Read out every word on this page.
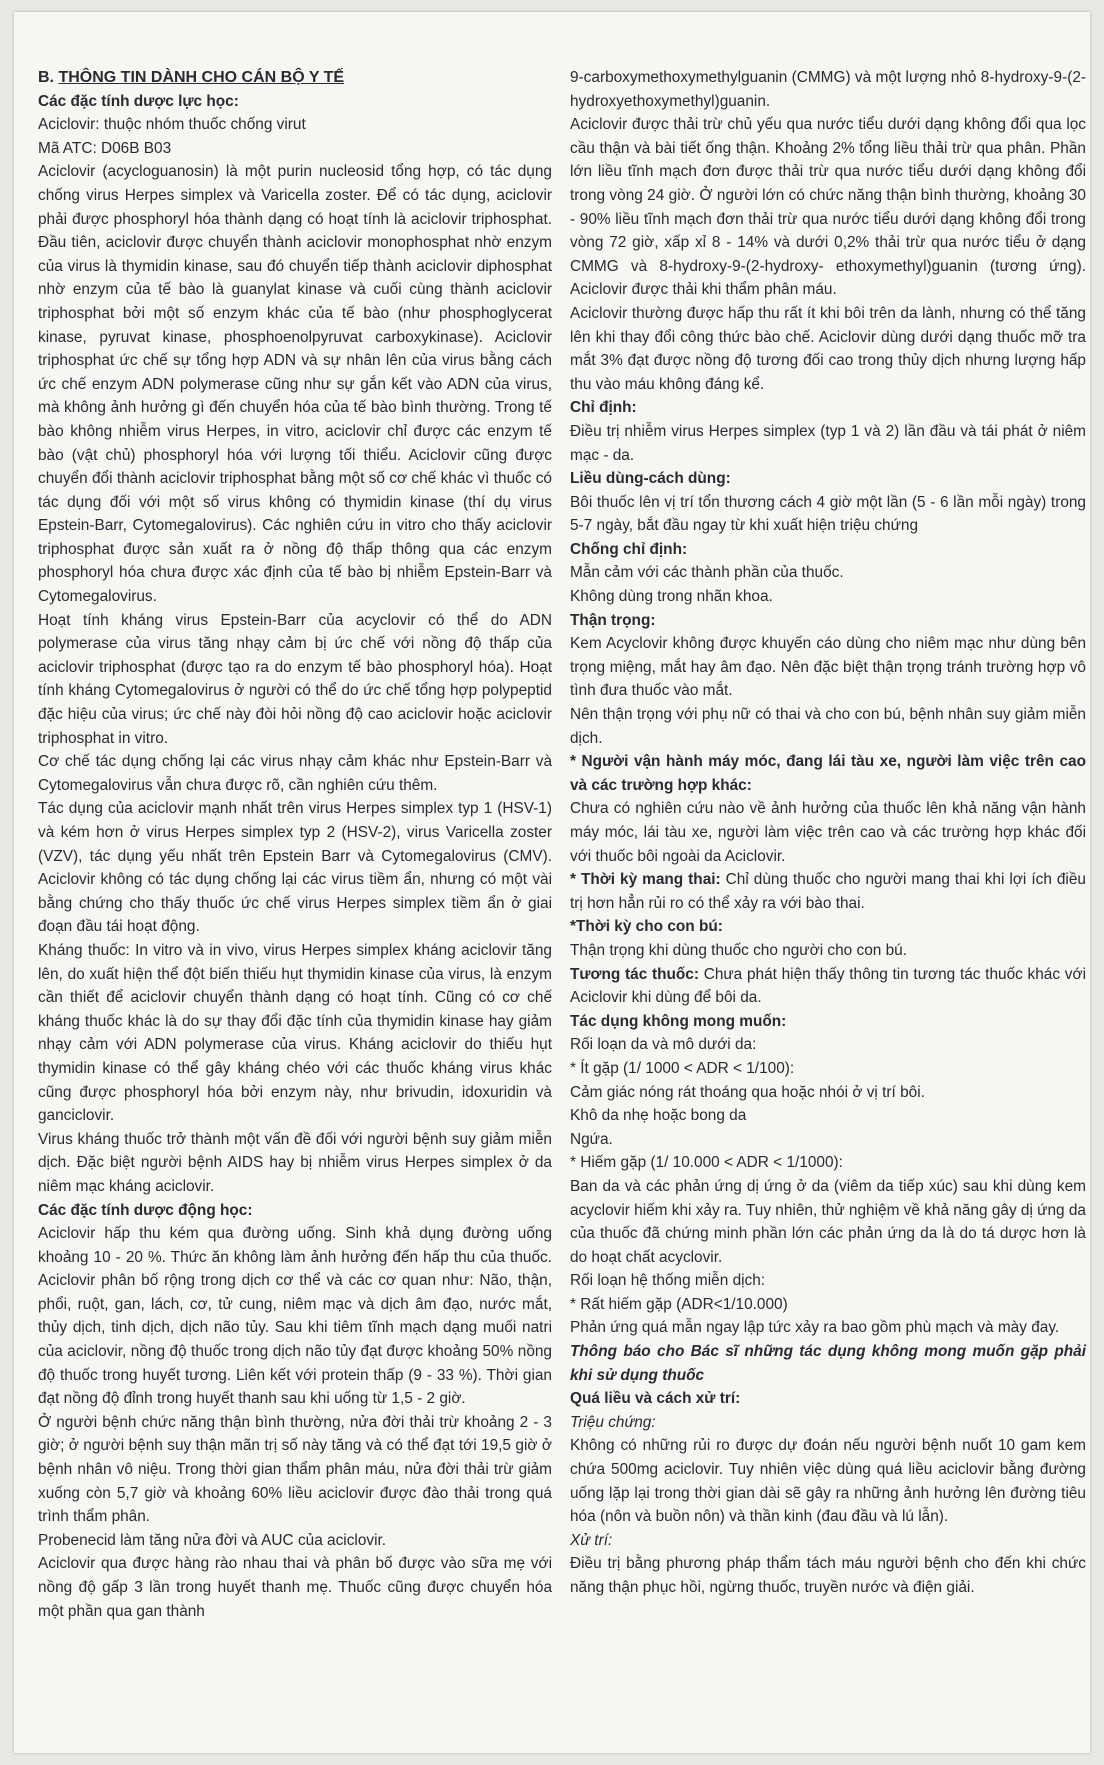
B. THÔNG TIN DÀNH CHO CÁN BỘ Y TẾ

Các đặc tính dược lực học:

Aciclovir: thuộc nhóm thuốc chống virut

Mã ATC: D06B B03

Aciclovir (acycloguanosin) là một purin nucleosid tổng hợp, có tác dụng chống virus Herpes simplex và Varicella zoster. Để có tác dụng, aciclovir phải được phosphoryl hóa thành dạng có hoạt tính là aciclovir triphosphat. Đầu tiên, aciclovir được chuyển thành aciclovir monophosphat nhờ enzym của virus là thymidin kinase, sau đó chuyển tiếp thành aciclovir diphosphat nhờ enzym của tế bào là guanylat kinase và cuối cùng thành aciclovir triphosphat bởi một số enzym khác của tế bào (như phosphoglycerat kinase, pyruvat kinase, phosphoenolpyruvat carboxykinase). Aciclovir triphosphat ức chế sự tổng hợp ADN và sự nhân lên của virus bằng cách ức chế enzym ADN polymerase cũng như sự gắn kết vào ADN của virus, mà không ảnh hưởng gì đến chuyển hóa của tế bào bình thường. Trong tế bào không nhiễm virus Herpes, in vitro, aciclovir chỉ được các enzym tế bào (vật chủ) phosphoryl hóa với lượng tối thiểu. Aciclovir cũng được chuyển đổi thành aciclovir triphosphat bằng một số cơ chế khác vì thuốc có tác dụng đối với một số virus không có thymidin kinase (thí dụ virus Epstein-Barr, Cytomegalovirus). Các nghiên cứu in vitro cho thấy aciclovir triphosphat được sản xuất ra ở nồng độ thấp thông qua các enzym phosphoryl hóa chưa được xác định của tế bào bị nhiễm Epstein-Barr và Cytomegalovirus.

Hoạt tính kháng virus Epstein-Barr của acyclovir có thể do ADN polymerase của virus tăng nhạy cảm bị ức chế với nồng độ thấp của aciclovir triphosphat (được tạo ra do enzym tế bào phosphoryl hóa). Hoạt tính kháng Cytomegalovirus ở người có thể do ức chế tổng hợp polypeptid đặc hiệu của virus; ức chế này đòi hỏi nồng độ cao aciclovir hoặc aciclovir triphosphat in vitro.

Cơ chế tác dụng chống lại các virus nhạy cảm khác như Epstein-Barr và Cytomegalovirus vẫn chưa được rõ, cần nghiên cứu thêm.

Tác dụng của aciclovir mạnh nhất trên virus Herpes simplex typ 1 (HSV-1) và kém hơn ở virus Herpes simplex typ 2 (HSV-2), virus Varicella zoster (VZV), tác dụng yếu nhất trên Epstein Barr và Cytomegalovirus (CMV). Aciclovir không có tác dụng chống lại các virus tiềm ẩn, nhưng có một vài bằng chứng cho thấy thuốc ức chế virus Herpes simplex tiềm ẩn ở giai đoạn đầu tái hoạt động.

Kháng thuốc: In vitro và in vivo, virus Herpes simplex kháng aciclovir tăng lên, do xuất hiện thể đột biến thiếu hụt thymidin kinase của virus, là enzym cần thiết để aciclovir chuyển thành dạng có hoạt tính. Cũng có cơ chế kháng thuốc khác là do sự thay đổi đặc tính của thymidin kinase hay giảm nhạy cảm với ADN polymerase của virus. Kháng aciclovir do thiếu hụt thymidin kinase có thể gây kháng chéo với các thuốc kháng virus khác cũng được phosphoryl hóa bởi enzym này, như brivudin, idoxuridin và ganciclovir.

Virus kháng thuốc trở thành một vấn đề đối với người bệnh suy giảm miễn dịch. Đặc biệt người bệnh AIDS hay bị nhiễm virus Herpes simplex ở da niêm mạc kháng aciclovir.

Các đặc tính dược động học:

Aciclovir hấp thu kém qua đường uống. Sinh khả dụng đường uống khoảng 10 - 20 %. Thức ăn không làm ảnh hưởng đến hấp thu của thuốc. Aciclovir phân bố rộng trong dịch cơ thể và các cơ quan như: Não, thận, phổi, ruột, gan, lách, cơ, tử cung, niêm mạc và dịch âm đạo, nước mắt, thủy dịch, tinh dịch, dịch não tủy. Sau khi tiêm tĩnh mạch dạng muối natri của aciclovir, nồng độ thuốc trong dịch não tủy đạt được khoảng 50% nồng độ thuốc trong huyết tương. Liên kết với protein thấp (9 - 33 %). Thời gian đạt nồng độ đỉnh trong huyết thanh sau khi uống từ 1,5 - 2 giờ.

Ở người bệnh chức năng thận bình thường, nửa đời thải trừ khoảng 2 - 3 giờ; ở người bệnh suy thận mãn trị số này tăng và có thể đạt tới 19,5 giờ ở bệnh nhân vô niệu. Trong thời gian thẩm phân máu, nửa đời thải trừ giảm xuống còn 5,7 giờ và khoảng 60% liều aciclovir được đào thải trong quá trình thẩm phân.

Probenecid làm tăng nửa đời và AUC của aciclovir.

Aciclovir qua được hàng rào nhau thai và phân bố được vào sữa mẹ với nồng độ gấp 3 lần trong huyết thanh mẹ. Thuốc cũng được chuyển hóa một phần qua gan thành

9-carboxymethoxymethylguanin (CMMG) và một lượng nhỏ 8-hydroxy-9-(2-hydroxyethoxymethyl)guanin.

Aciclovir được thải trừ chủ yếu qua nước tiểu dưới dạng không đổi qua lọc cầu thận và bài tiết ống thận. Khoảng 2% tổng liều thải trừ qua phân. Phần lớn liều tĩnh mạch đơn được thải trừ qua nước tiểu dưới dạng không đổi trong vòng 24 giờ. Ở người lớn có chức năng thận bình thường, khoảng 30 - 90% liều tĩnh mạch đơn thải trừ qua nước tiểu dưới dạng không đổi trong vòng 72 giờ, xấp xỉ 8 - 14% và dưới 0,2% thải trừ qua nước tiểu ở dạng CMMG và 8-hydroxy-9-(2-hydroxy- ethoxymethyl)guanin (tương ứng). Aciclovir được thải khi thẩm phân máu.

Aciclovir thường được hấp thu rất ít khi bôi trên da lành, nhưng có thể tăng lên khi thay đổi công thức bào chế. Aciclovir dùng dưới dạng thuốc mỡ tra mắt 3% đạt được nồng độ tương đối cao trong thủy dịch nhưng lượng hấp thu vào máu không đáng kể.

Chỉ định:

Điều trị nhiễm virus Herpes simplex (typ 1 và 2) lần đầu và tái phát ở niêm mạc - da.

Liều dùng-cách dùng:

Bôi thuốc lên vị trí tổn thương cách 4 giờ một lần (5 - 6 lần mỗi ngày) trong 5-7 ngày, bắt đầu ngay từ khi xuất hiện triệu chứng

Chống chỉ định:

Mẫn cảm với các thành phần của thuốc.

Không dùng trong nhãn khoa.

Thận trọng:

Kem Acyclovir không được khuyến cáo dùng cho niêm mạc như dùng bên trọng miệng, mắt hay âm đạo. Nên đặc biệt thận trọng tránh trường hợp vô tình đưa thuốc vào mắt.

Nên thận trọng với phụ nữ có thai và cho con bú, bệnh nhân suy giảm miễn dịch.

* Người vận hành máy móc, đang lái tàu xe, người làm việc trên cao và các trường hợp khác:

Chưa có nghiên cứu nào về ảnh hưởng của thuốc lên khả năng vận hành máy móc, lái tàu xe, người làm việc trên cao và các trường hợp khác đối với thuốc bôi ngoài da Aciclovir.

* Thời kỳ mang thai: Chỉ dùng thuốc cho người mang thai khi lợi ích điều trị hơn hẳn rủi ro có thể xảy ra với bào thai.

*Thời kỳ cho con bú:

Thận trọng khi dùng thuốc cho người cho con bú.

Tương tác thuốc: Chưa phát hiện thấy thông tin tương tác thuốc khác với Aciclovir khi dùng để bôi da.

Tác dụng không mong muốn:

Rối loạn da và mô dưới da:

* Ít gặp (1/ 1000 < ADR < 1/100):

Cảm giác nóng rát thoáng qua hoặc nhói ở vị trí bôi.

Khô da nhẹ hoặc bong da

Ngứa.

* Hiếm gặp (1/ 10.000 < ADR < 1/1000):

Ban da và các phản ứng dị ứng ở da (viêm da tiếp xúc) sau khi dùng kem acyclovir hiếm khi xảy ra. Tuy nhiên, thử nghiệm về khả năng gây dị ứng da của thuốc đã chứng minh phần lớn các phản ứng da là do tá dược hơn là do hoạt chất acyclovir.

Rối loạn hệ thống miễn dịch:

* Rất hiếm gặp (ADR<1/10.000)

Phản ứng quá mẫn ngay lập tức xảy ra bao gồm phù mạch và mày đay.

Thông báo cho Bác sĩ những tác dụng không mong muốn gặp phải khi sử dụng thuốc

Quá liều và cách xử trí:

Triệu chứng:

Không có những rủi ro được dự đoán nếu người bệnh nuốt 10 gam kem chứa 500mg aciclovir. Tuy nhiên việc dùng quá liều aciclovir bằng đường uống lặp lại trong thời gian dài sẽ gây ra những ảnh hưởng lên đường tiêu hóa (nôn và buồn nôn) và thần kinh (đau đầu và lú lẫn).

Xử trí:

Điều trị bằng phương pháp thẩm tách máu người bệnh cho đến khi chức năng thận phục hồi, ngừng thuốc, truyền nước và điện giải.
